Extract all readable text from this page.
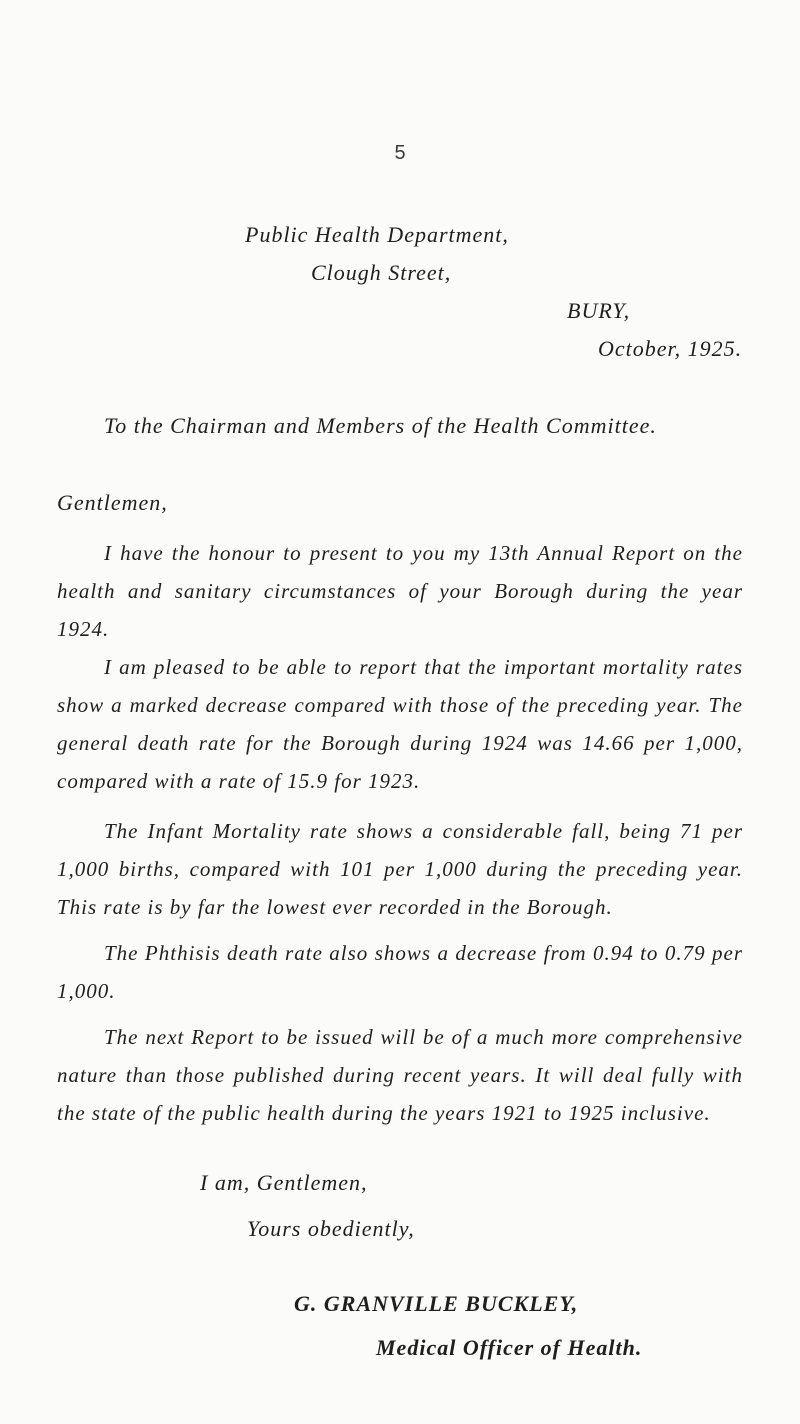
5
Public Health Department,
Clough Street,
BURY,
October, 1925.
To the Chairman and Members of the Health Committee.
Gentlemen,
I have the honour to present to you my 13th Annual Report on the health and sanitary circumstances of your Borough during the year 1924.
I am pleased to be able to report that the important mortality rates show a marked decrease compared with those of the preceding year. The general death rate for the Borough during 1924 was 14.66 per 1,000, compared with a rate of 15.9 for 1923.
The Infant Mortality rate shows a considerable fall, being 71 per 1,000 births, compared with 101 per 1,000 during the preceding year. This rate is by far the lowest ever recorded in the Borough.
The Phthisis death rate also shows a decrease from 0.94 to 0.79 per 1,000.
The next Report to be issued will be of a much more comprehensive nature than those published during recent years. It will deal fully with the state of the public health during the years 1921 to 1925 inclusive.
I am, Gentlemen,
Yours obediently,
G. GRANVILLE BUCKLEY,
Medical Officer of Health.
